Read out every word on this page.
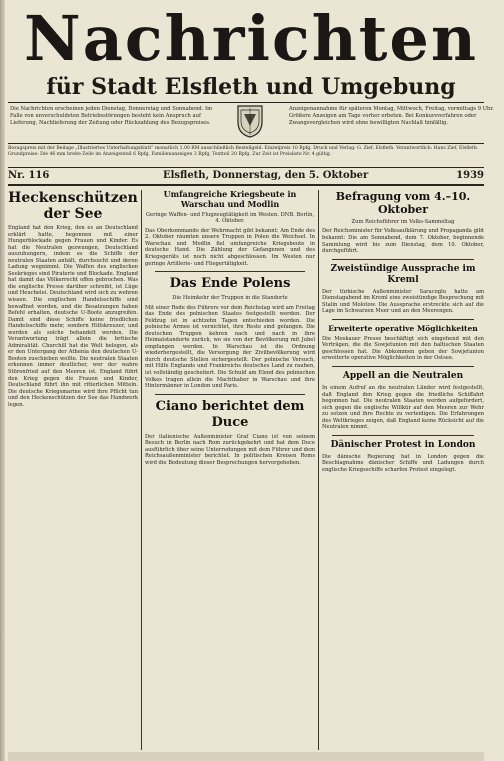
Nachrichten
für Stadt Elsfleth und Umgebung
Die Nachrichten erscheinen jeden Dienstag, Donnerstag und Sonnabend. Im Falle von unverschuldeten Betriebsstörungen besteht kein Anspruch auf Lieferung, Nachlieferung der Zeitung oder Rückzahlung des Bezugspreises.
Anzeigenannahme für späteren Montag, Mittwoch, Freitag, vormittags 9 Uhr. Größere Anzeigen am Tage vorher erbeten. Bei Konkursverfahren oder Zwangsvergleichen wird ohne bewilligten Nachlaß hinfällig.
Bezugspreis mit der Beilage „Illustriertes Unterhaltungsblatt“ monatlich 1.00 RM ausschließlich Bestellgeld. Einzelpreis 10 Rpfg. Druck und Verlag: G. Zief, Elsfleth. Verantwortlich: Hans Zief, Elsfleth. Grundpreise: Die 46 mm breite Zeile im Anzeigenteil 6 Rpfg, Familienanzeigen 3 Rpfg, Textteil 20 Rpfg. Zur Zeit ist Preisliste Nr. 4 gültig.
Nr. 116	Elsfleth, Donnerstag, den 5. Oktober	1939
Heckenschützen der See
England hat den Krieg, den es an Deutschland erklärt hatte, begonnen mit einer Hungerblockade gegen Frauen und Kinder. Es hat die Neutralen gezwungen, Deutschland auszuhungern, indem es die Schiffe der neutralen Staaten anhält, durchsucht und deren Ladung wegnimmt. Die Waffen des englischen Seekrieges sind Piraterie und Blockade. England hat damit das Völkerrecht offen gebrochen. Was die englische Presse darüber schreibt, ist Lüge und Heuchelei. Deutschland wird sich zu wehren wissen. Die englischen Handelsschiffe sind bewaffnet worden, und die Besatzungen haben Befehl erhalten, deutsche U-Boote anzugreifen. Damit sind diese Schiffe keine friedlichen Handelsschiffe mehr, sondern Hilfskreuzer, und werden als solche behandelt werden. Die Verantwortung trägt allein die britische Admiralität. Churchill hat die Welt belogen, als er den Untergang der Athenia den deutschen U-Booten zuschieben wollte. Die neutralen Staaten erkennen immer deutlicher, wer der wahre Störenfried auf den Meeren ist. England führt den Krieg gegen die Frauen und Kinder, Deutschland führt ihn mit ritterlichen Mitteln. Die deutsche Kriegsmarine wird ihre Pflicht tun und den Heckenschützen der See das Handwerk legen.
Umfangreiche Kriegsbeute in Warschau und Modlin
Geringe Waffen- und Flugzeugtätigkeit im Westen. DNB. Berlin, 4. Oktober.
Das Oberkommando der Wehrmacht gibt bekannt: Am Ende des 2. Oktober räumten unsere Truppen in Polen die Weichsel. In Warschau und Modlin fiel umfangreiche Kriegsbeute in deutsche Hand. Die Zählung der Gefangenen und des Kriegsgeräts ist noch nicht abgeschlossen. Im Westen nur geringe Artillerie- und Fliegertätigkeit.
Das Ende Polens
Die Heimkehr der Truppen in die Standorte
Mit einer Rede des Führers vor dem Reichstag wird am Freitag das Ende des polnischen Staates festgestellt werden. Der Feldzug ist in achtzehn Tagen entschieden worden. Die polnische Armee ist vernichtet, ihre Reste sind gefangen. Die deutschen Truppen kehren nach und nach in ihre Heimatstandorte zurück, wo sie von der Bevölkerung mit Jubel empfangen werden. In Warschau ist die Ordnung wiederhergestellt, die Versorgung der Zivilbevölkerung wird durch deutsche Stellen sichergestellt. Der polnische Versuch, mit Hilfe Englands und Frankreichs deutsches Land zu rauben, ist vollständig gescheitert. Die Schuld am Elend des polnischen Volkes tragen allein die Machthaber in Warschau und ihre Hintermänner in London und Paris.
Ciano berichtet dem Duce
Der italienische Außenminister Graf Ciano ist von seinem Besuch in Berlin nach Rom zurückgekehrt und hat dem Duce ausführlich über seine Unterredungen mit dem Führer und dem Reichsaußenminister berichtet. In politischen Kreisen Roms wird die Bedeutung dieser Besprechungen hervorgehoben.
Befragung vom 4.–10. Oktober
Zum Reichsführer im Volks-Sammeltag
Der Reichsminister für Volksaufklärung und Propaganda gibt bekannt: Die am Sonnabend, dem 7. Oktober, beginnende Sammlung wird bis zum Dienstag, dem 10. Oktober, durchgeführt.
Zweistündige Aussprache im Kreml
Der türkische Außenminister Saracoglu hatte am Dienstagabend im Kreml eine zweistündige Besprechung mit Stalin und Molotow. Die Aussprache erstreckte sich auf die Lage im Schwarzen Meer und an den Meerengen.
Erweiterte operative Möglichkeiten
Die Moskauer Presse beschäftigt sich eingehend mit den Verträgen, die die Sowjetunion mit den baltischen Staaten geschlossen hat. Die Abkommen geben der Sowjetunion erweiterte operative Möglichkeiten in der Ostsee.
Appell an die Neutralen
In einem Aufruf an die neutralen Länder wird festgestellt, daß England den Krieg gegen die friedliche Schiffahrt begonnen hat. Die neutralen Staaten werden aufgefordert, sich gegen die englische Willkür auf den Meeren zur Wehr zu setzen und ihre Rechte zu verteidigen. Die Erfahrungen des Weltkrieges zeigen, daß England keine Rücksicht auf die Neutralen nimmt.
Dänischer Protest in London
Die dänische Regierung hat in London gegen die Beschlagnahme dänischer Schiffe und Ladungen durch englische Kriegsschiffe scharfen Protest eingelegt.
